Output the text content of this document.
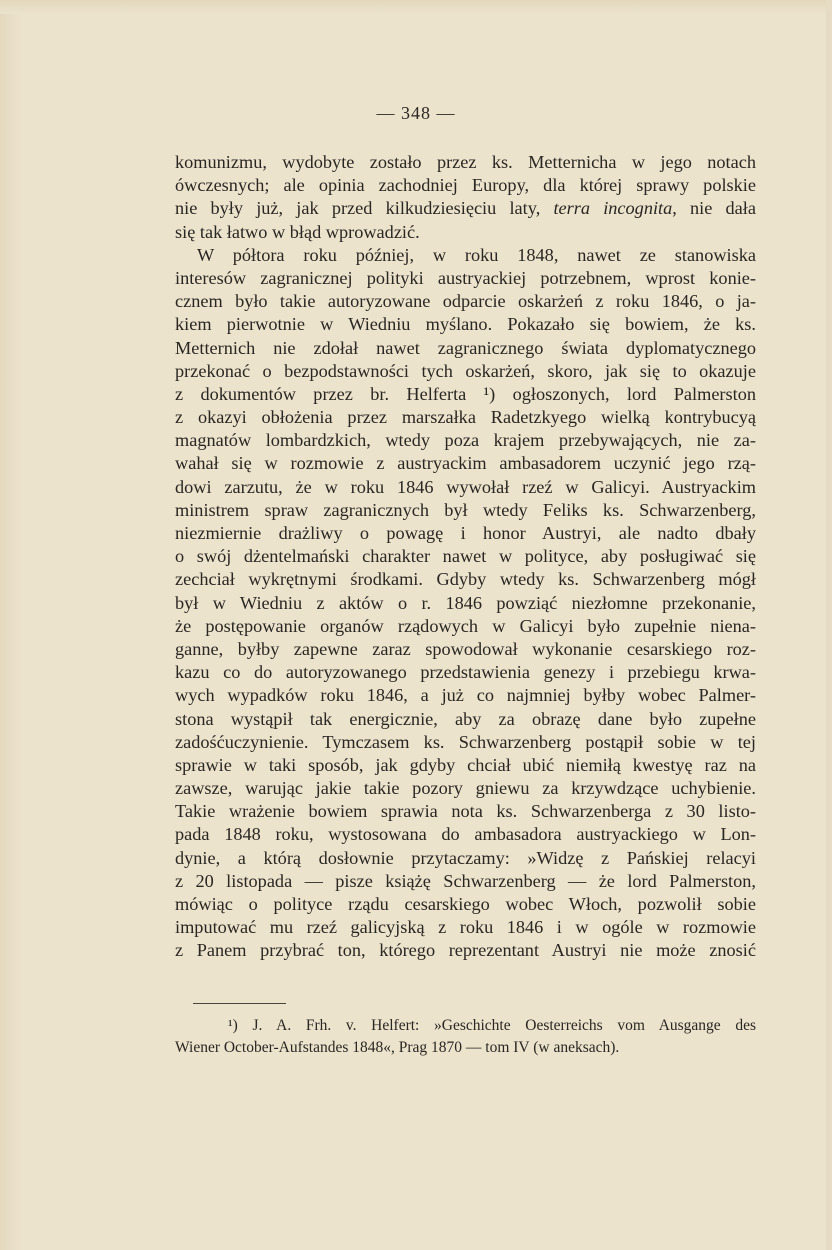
— 348 —
komunizmu, wydobyte zostało przez ks. Metternicha w jego notach
ówczesnych; ale opinia zachodniej Europy, dla której sprawy polskie
nie były już, jak przed kilkudziesięciu laty, terra incognita, nie dała
się tak łatwo w błąd wprowadzić.
W półtora roku później, w roku 1848, nawet ze stanowiska
interesów zagranicznej polityki austryackiej potrzebnem, wprost konie-
cznem było takie autoryzowane odparcie oskarżeń z roku 1846, o ja-
kiem pierwotnie w Wiedniu myślano. Pokazało się bowiem, że ks.
Metternich nie zdołał nawet zagranicznego świata dyplomatycznego
przekonać o bezpodstawności tych oskarżeń, skoro, jak się to okazuje
z dokumentów przez br. Helferta ¹) ogłoszonych, lord Palmerston
z okazyi obłożenia przez marszałka Radetzkyego wielką kontrybucyą
magnatów lombardzkich, wtedy poza krajem przebywających, nie za-
wahał się w rozmowie z austryackim ambasadorem uczynić jego rzą-
dowi zarzutu, że w roku 1846 wywołał rzeź w Galicyi. Austryackim
ministrem spraw zagranicznych był wtedy Feliks ks. Schwarzenberg,
niezmiernie drażliwy o powagę i honor Austryi, ale nadto dbały
o swój dżentelmański charakter nawet w polityce, aby posługiwać się
zechciał wykrętnymi środkami. Gdyby wtedy ks. Schwarzenberg mógł
był w Wiedniu z aktów o r. 1846 powziąć niezłomne przekonanie,
że postępowanie organów rządowych w Galicyi było zupełnie niena-
ganne, byłby zapewne zaraz spowodował wykonanie cesarskiego roz-
kazu co do autoryzowanego przedstawienia genezy i przebiegu krwa-
wych wypadków roku 1846, a już co najmniej byłby wobec Palmer-
stona wystąpił tak energicznie, aby za obrazę dane było zupełne
zadośćuczynienie. Tymczasem ks. Schwarzenberg postąpił sobie w tej
sprawie w taki sposób, jak gdyby chciał ubić niemiłą kwestyę raz na
zawsze, warując jakie takie pozory gniewu za krzywdzące uchybienie.
Takie wrażenie bowiem sprawia nota ks. Schwarzenberga z 30 listo-
pada 1848 roku, wystosowana do ambasadora austryackiego w Lon-
dynie, a którą dosłownie przytaczamy: »Widzę z Pańskiej relacyi
z 20 listopada — pisze książę Schwarzenberg — że lord Palmerston,
mówiąc o polityce rządu cesarskiego wobec Włoch, pozwolił sobie
imputować mu rzeź galicyjską z roku 1846 i w ogóle w rozmowie
z Panem przybrać ton, którego reprezentant Austryi nie może znosić
¹) J. A. Frh. v. Helfert: »Geschichte Oesterreichs vom Ausgange des
Wiener October-Aufstandes 1848«, Prag 1870 — tom IV (w aneksach).
